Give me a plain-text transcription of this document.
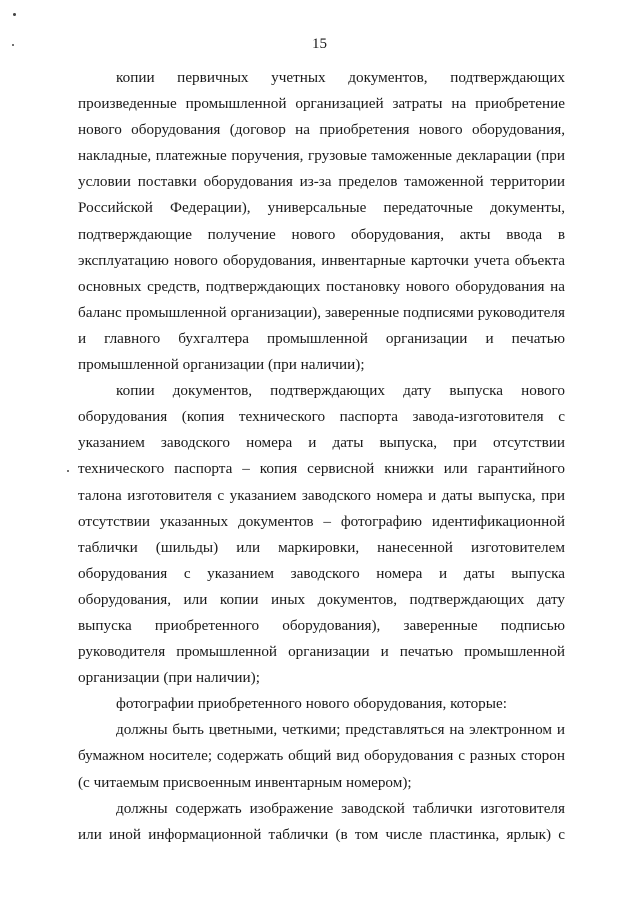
15
копии первичных учетных документов, подтверждающих
произведенные промышленной организацией затраты на приобретение
нового оборудования (договор на приобретения нового оборудования,
накладные, платежные поручения, грузовые таможенные декларации (при
условии поставки оборудования из-за пределов таможенной территории
Российской Федерации), универсальные передаточные документы,
подтверждающие получение нового оборудования, акты ввода в
эксплуатацию нового оборудования, инвентарные карточки учета объекта
основных средств, подтверждающих постановку нового оборудования на
баланс промышленной организации), заверенные подписями руководителя
и главного бухгалтера промышленной организации и печатью
промышленной организации (при наличии);
копии документов, подтверждающих дату выпуска нового
оборудования (копия технического паспорта завода-изготовителя с
указанием заводского номера и даты выпуска, при отсутствии
технического паспорта – копия сервисной книжки или гарантийного
талона изготовителя с указанием заводского номера и даты выпуска, при
отсутствии указанных документов – фотографию идентификационной
таблички (шильды) или маркировки, нанесенной изготовителем
оборудования с указанием заводского номера и даты выпуска
оборудования, или копии иных документов, подтверждающих дату
выпуска приобретенного оборудования), заверенные подписью
руководителя промышленной организации и печатью промышленной
организации (при наличии);
фотографии приобретенного нового оборудования, которые:
должны быть цветными, четкими; представляться на электронном и
бумажном носителе; содержать общий вид оборудования с разных сторон
(с читаемым присвоенным инвентарным номером);
должны содержать изображение заводской таблички изготовителя
или иной информационной таблички (в том числе пластинка, ярлык) с
